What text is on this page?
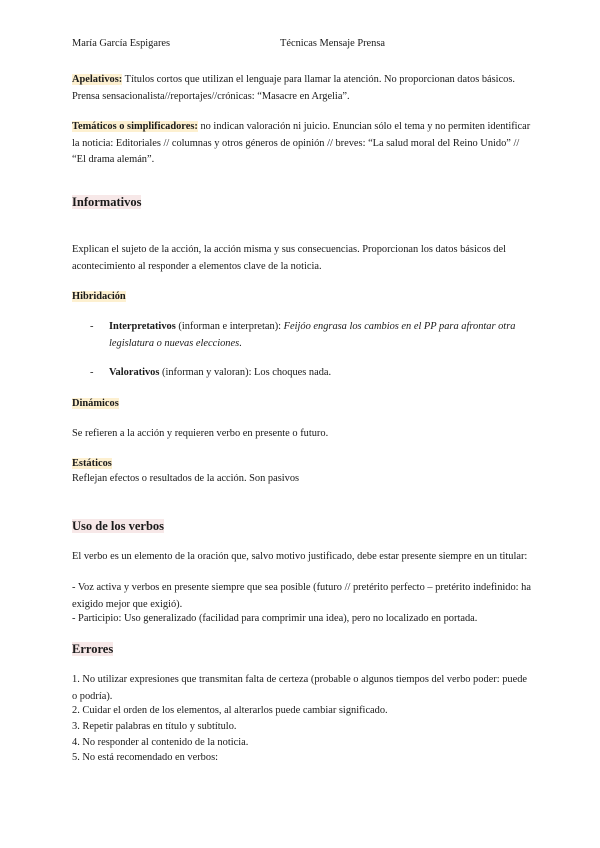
María García Espigares	Técnicas Mensaje Prensa
Apelativos: Títulos cortos que utilizan el lenguaje para llamar la atención. No proporcionan datos básicos. Prensa sensacionalista//reportajes//crónicas: “Masacre en Argelia”.
Temáticos o simplificadores: no indican valoración ni juicio. Enuncian sólo el tema y no permiten identificar la noticia: Editoriales // columnas y otros géneros de opinión // breves: “La salud moral del Reino Unido” // “El drama alemán”.
Informativos
Explican el sujeto de la acción, la acción misma y sus consecuencias. Proporcionan los datos básicos del acontecimiento al responder a elementos clave de la noticia.
Hibridación
- Interpretativos (informan e interpretan): Feijóo engrasa los cambios en el PP para afrontar otra legislatura o nuevas elecciones.
- Valorativos (informan y valoran): Los choques nada.
Dinámicos
Se refieren a la acción y requieren verbo en presente o futuro.
Estáticos
Reflejan efectos o resultados de la acción. Son pasivos
Uso de los verbos
El verbo es un elemento de la oración que, salvo motivo justificado, debe estar presente siempre en un titular:
- Voz activa y verbos en presente siempre que sea posible (futuro // pretérito perfecto – pretérito indefinido: ha exigido mejor que exigió).
- Participio: Uso generalizado (facilidad para comprimir una idea), pero no localizado en portada.
Errores
1. No utilizar expresiones que transmitan falta de certeza (probable o algunos tiempos del verbo poder: puede o podría).
2. Cuidar el orden de los elementos, al alterarlos puede cambiar significado.
3. Repetir palabras en título y subtítulo.
4. No responder al contenido de la noticia.
5. No está recomendado en verbos:
